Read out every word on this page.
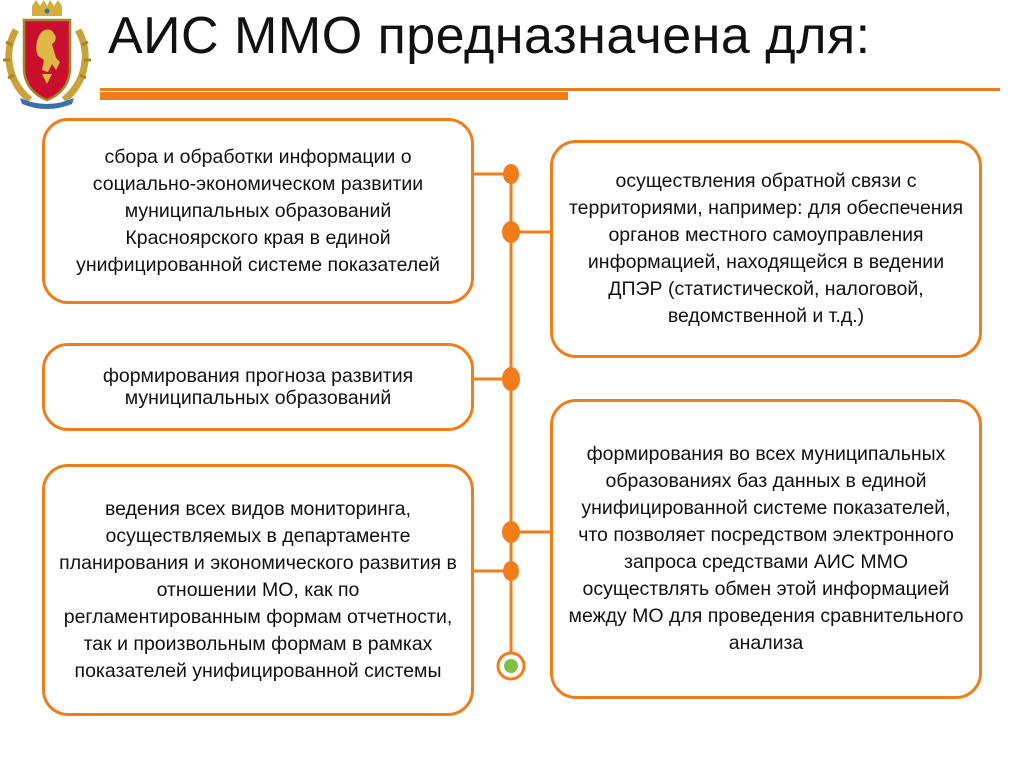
АИС ММО предназначена для:
сбора и обработки информации о социально-экономическом развитии муниципальных образований Красноярского края в единой унифицированной системе показателей
формирования прогноза развития муниципальных образований
ведения всех видов мониторинга, осуществляемых в департаменте планирования и экономического развития в отношении МО, как по регламентированным формам отчетности, так и произвольным формам в рамках показателей унифицированной системы
осуществления обратной связи с территориями, например: для обеспечения органов местного самоуправления информацией, находящейся в ведении ДПЭР (статистической, налоговой, ведомственной и т.д.)
формирования во всех муниципальных образованиях баз данных в единой унифицированной системе показателей, что позволяет посредством электронного запроса средствами АИС ММО осуществлять обмен этой информацией между МО для проведения сравнительного анализа
